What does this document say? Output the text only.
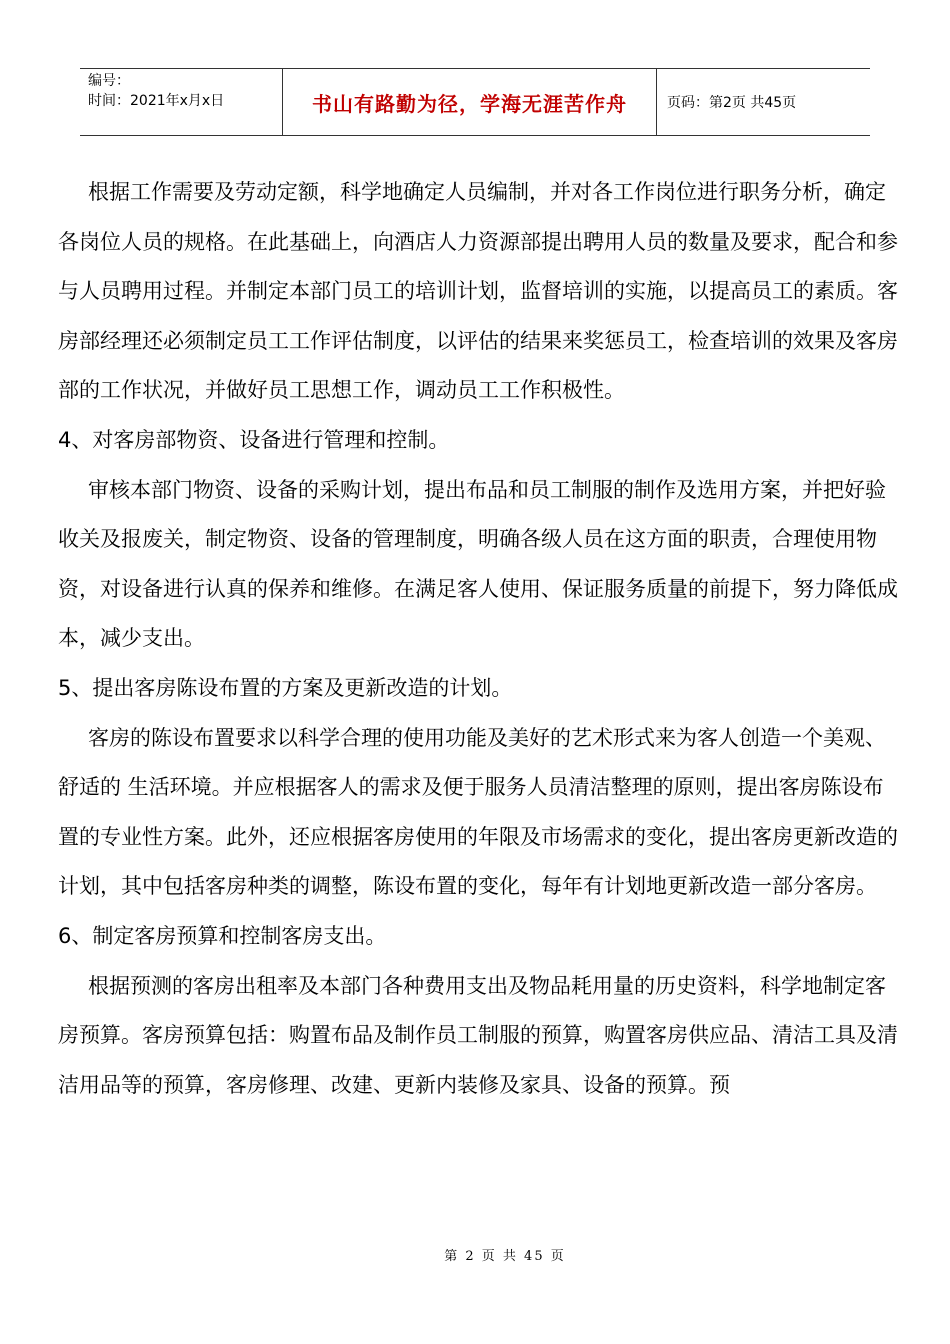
编号：
时间：2021年x月x日	书山有路勤为径，学海无涯苦作舟	页码：第2页 共45页

根据工作需要及劳动定额，科学地确定人员编制，并对各工作岗位进行职务分析，确定各岗位人员的规格。在此基础上，向酒店人力资源部提出聘用人员的数量及要求，配合和参与人员聘用过程。并制定本部门员工的培训计划，监督培训的实施，以提高员工的素质。客房部经理还必须制定员工工作评估制度，以评估的结果来奖惩员工，检查培训的效果及客房部的工作状况，并做好员工思想工作，调动员工工作积极性。

4、对客房部物资、设备进行管理和控制。

审核本部门物资、设备的采购计划，提出布品和员工制服的制作及选用方案，并把好验收关及报废关，制定物资、设备的管理制度，明确各级人员在这方面的职责，合理使用物资，对设备进行认真的保养和维修。在满足客人使用、保证服务质量的前提下，努力降低成本，减少支出。

5、提出客房陈设布置的方案及更新改造的计划。

客房的陈设布置要求以科学合理的使用功能及美好的艺术形式来为客人创造一个美观、舒适的 生活环境。并应根据客人的需求及便于服务人员清洁整理的原则，提出客房陈设布置的专业性方案。此外，还应根据客房使用的年限及市场需求的变化，提出客房更新改造的计划，其中包括客房种类的调整，陈设布置的变化，每年有计划地更新改造一部分客房。

6、制定客房预算和控制客房支出。

根据预测的客房出租率及本部门各种费用支出及物品耗用量的历史资料，科学地制定客房预算。客房预算包括：购置布品及制作员工制服的预算，购置客房供应品、清洁工具及清洁用品等的预算，客房修理、改建、更新内装修及家具、设备的预算。预

第 2 页 共 45 页
